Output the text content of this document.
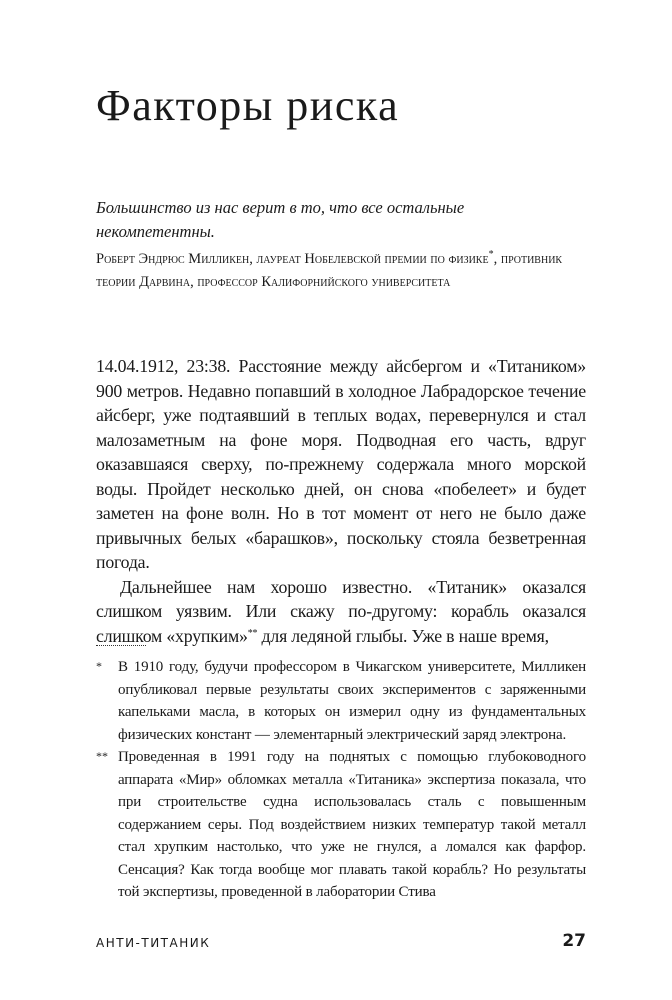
Факторы риска

Большинство из нас верит в то, что все остальные некомпетентны.

Роберт Эндрюс Милликен, лауреат Нобелевской премии по физике*, противник теории Дарвина, профессор Калифорнийского университета

14.04.1912, 23:38. Расстояние между айсбергом и «Титаником» 900 метров. Недавно попавший в холодное Лабрадорское течение айсберг, уже подтаявший в теплых водах, перевернулся и стал малозаметным на фоне моря. Подводная его часть, вдруг оказавшаяся сверху, по-прежнему содержала много морской воды. Пройдет несколько дней, он снова «побелеет» и будет заметен на фоне волн. Но в тот момент от него не было даже привычных белых «барашков», поскольку стояла безветренная погода.

Дальнейшее нам хорошо известно. «Титаник» оказался слишком уязвим. Или скажу по-другому: корабль оказался слишком «хрупким»** для ледяной глыбы. Уже в наше время,

* В 1910 году, будучи профессором в Чикагском университете, Милликен опубликовал первые результаты своих экспериментов с заряженными капельками масла, в которых он измерил одну из фундаментальных физических констант — элементарный электрический заряд электрона.

** Проведенная в 1991 году на поднятых с помощью глубоководного аппарата «Мир» обломках металла «Титаника» экспертиза показала, что при строительстве судна использовалась сталь с повышенным содержанием серы. Под воздействием низких температур такой металл стал хрупким настолько, что уже не гнулся, а ломался как фарфор. Сенсация? Как тогда вообще мог плавать такой корабль? Но результаты той экспертизы, проведенной в лаборатории Стива

АНТИ-ТИТАНИК	27
